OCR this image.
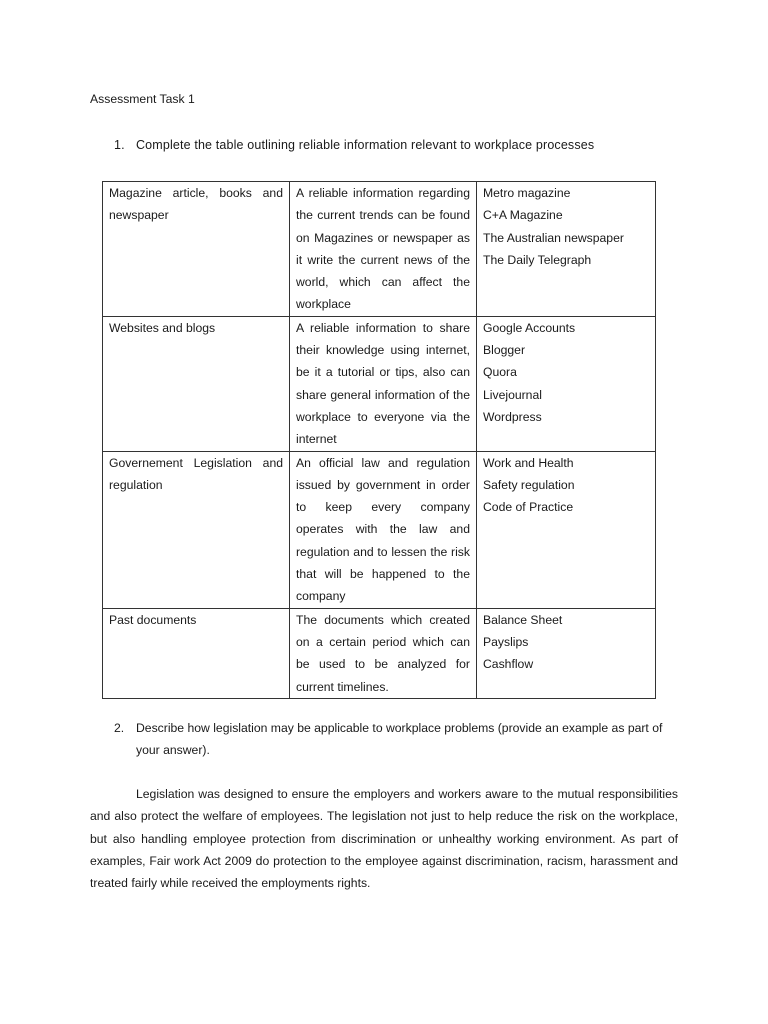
Assessment Task 1
1. Complete the table outlining reliable information relevant to workplace processes
Magazine article, books and newspaper	A reliable information regarding the current trends can be found on Magazines or newspaper as it write the current news of the world, which can affect the workplace	Metro magazine
C+A Magazine
The Australian newspaper
The Daily Telegraph

Websites and blogs	A reliable information to share their knowledge using internet, be it a tutorial or tips, also can share general information of the workplace to everyone via the internet	Google Accounts
Blogger
Quora
Livejournal
Wordpress

Governement Legislation and regulation	An official law and regulation issued by government in order to keep every company operates with the law and regulation and to lessen the risk that will be happened to the company	Work and Health
Safety regulation
Code of Practice

Past documents	The documents which created on a certain period which can be used to be analyzed for current timelines.	Balance Sheet
Payslips
Cashflow
2. Describe how legislation may be applicable to workplace problems (provide an example as part of your answer).
Legislation was designed to ensure the employers and workers aware to the mutual responsibilities and also protect the welfare of employees. The legislation not just to help reduce the risk on the workplace, but also handling employee protection from discrimination or unhealthy working environment. As part of examples, Fair work Act 2009 do protection to the employee against discrimination, racism, harassment and treated fairly while received the employments rights.
